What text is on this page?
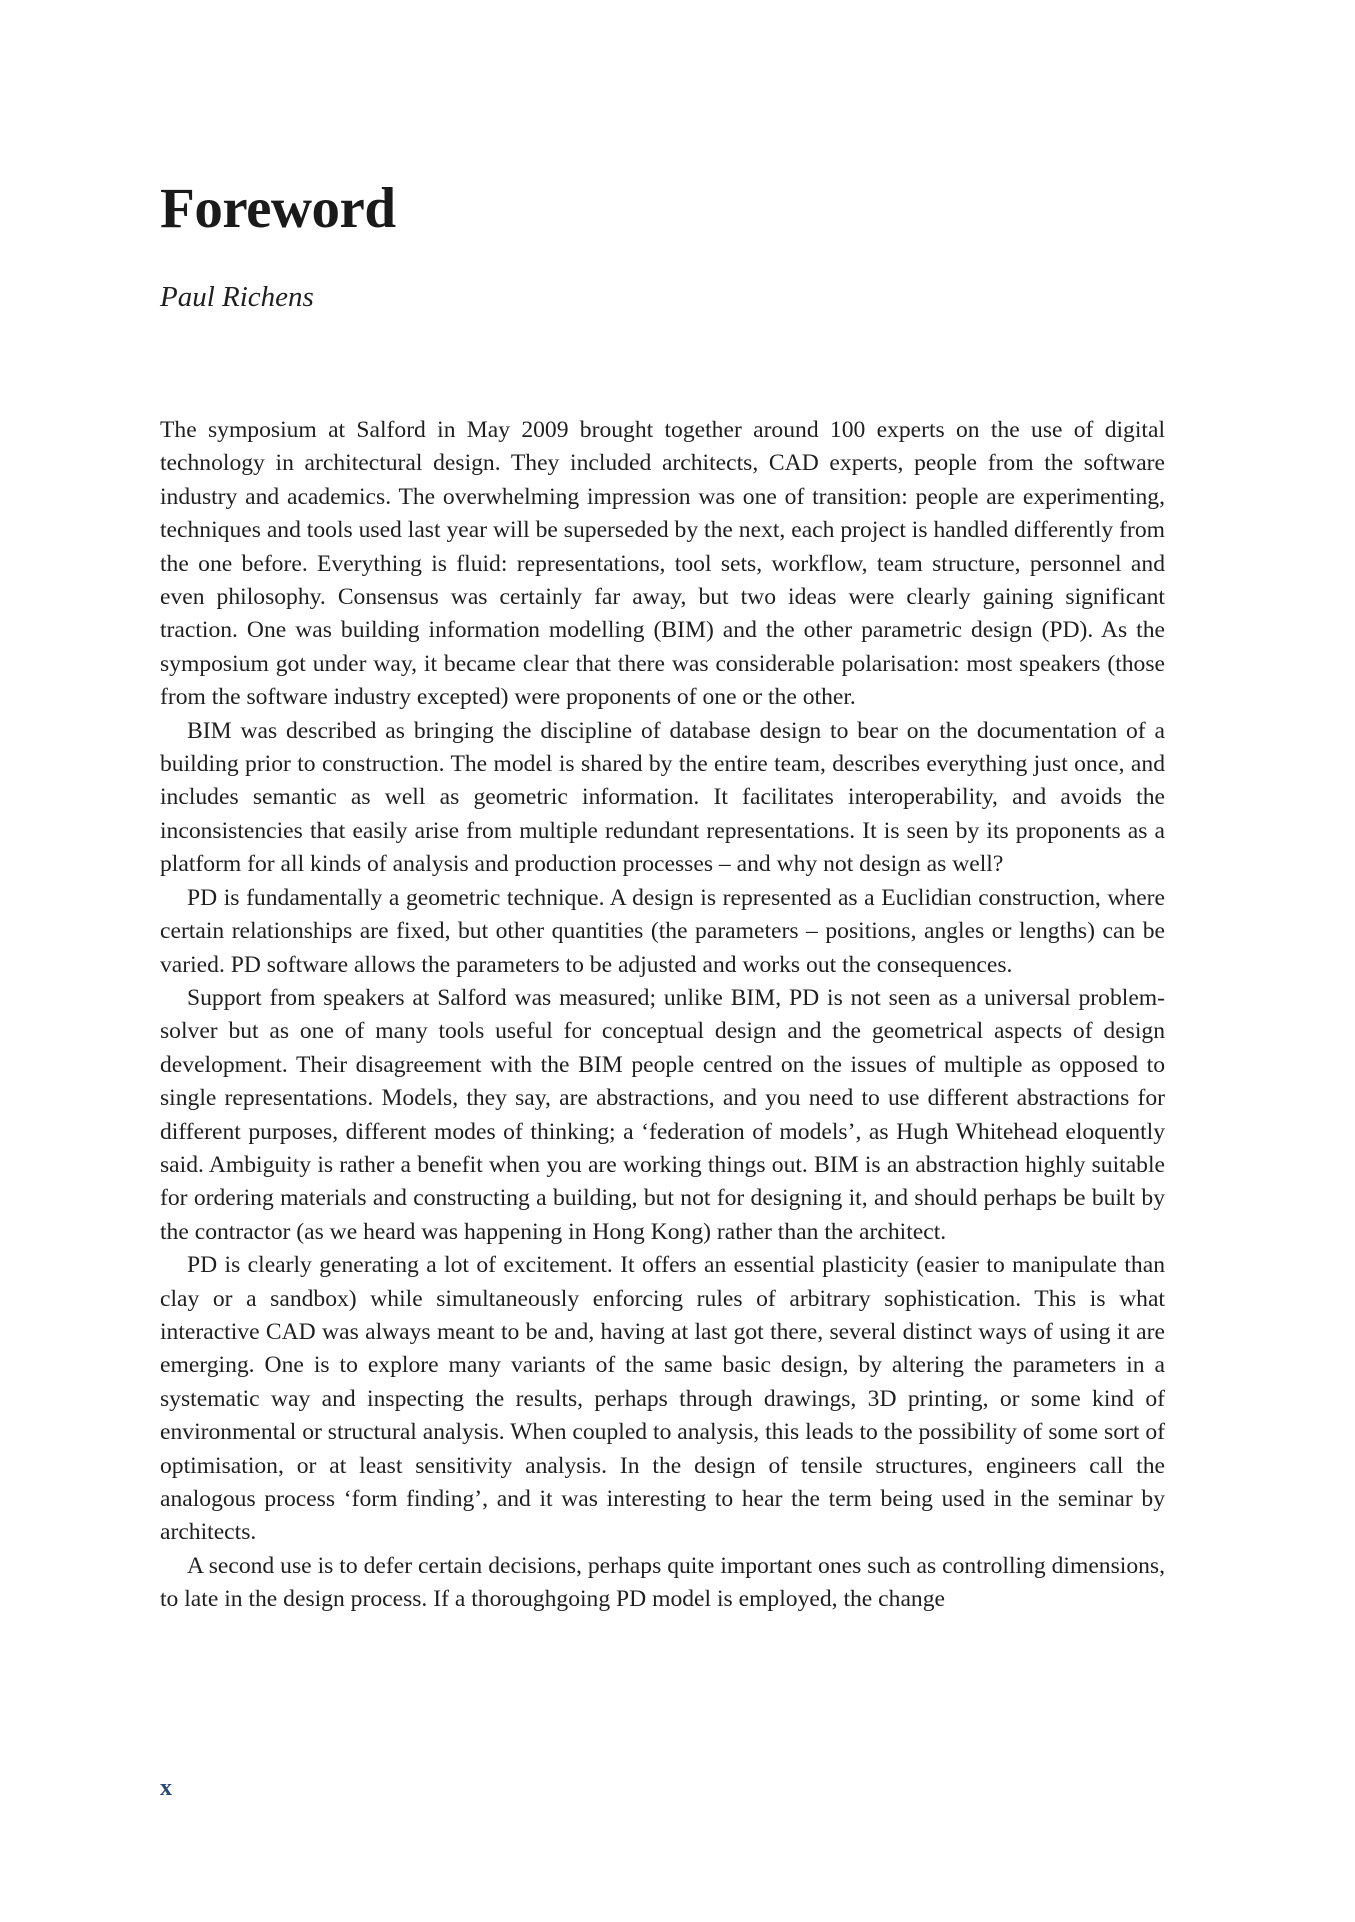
Foreword
Paul Richens

The symposium at Salford in May 2009 brought together around 100 experts on the use of digital technology in architectural design. They included architects, CAD experts, people from the software industry and academics. The overwhelming impression was one of transition: people are experimenting, techniques and tools used last year will be superseded by the next, each project is handled differently from the one before. Everything is fluid: representations, tool sets, workflow, team structure, personnel and even philosophy. Consensus was certainly far away, but two ideas were clearly gaining significant traction. One was building information modelling (BIM) and the other parametric design (PD). As the symposium got under way, it became clear that there was considerable polarisation: most speakers (those from the software industry excepted) were proponents of one or the other.

BIM was described as bringing the discipline of database design to bear on the documentation of a building prior to construction. The model is shared by the entire team, describes everything just once, and includes semantic as well as geometric information. It facilitates interoperability, and avoids the inconsistencies that easily arise from multiple redundant representations. It is seen by its proponents as a platform for all kinds of analysis and production processes – and why not design as well?

PD is fundamentally a geometric technique. A design is represented as a Euclidian construction, where certain relationships are fixed, but other quantities (the parameters – positions, angles or lengths) can be varied. PD software allows the parameters to be adjusted and works out the consequences.

Support from speakers at Salford was measured; unlike BIM, PD is not seen as a universal problem-solver but as one of many tools useful for conceptual design and the geometrical aspects of design development. Their disagreement with the BIM people centred on the issues of multiple as opposed to single representations. Models, they say, are abstractions, and you need to use different abstractions for different purposes, different modes of thinking; a ‘federation of models’, as Hugh Whitehead eloquently said. Ambiguity is rather a benefit when you are working things out. BIM is an abstraction highly suitable for ordering materials and constructing a building, but not for designing it, and should perhaps be built by the contractor (as we heard was happening in Hong Kong) rather than the architect.

PD is clearly generating a lot of excitement. It offers an essential plasticity (easier to manipulate than clay or a sandbox) while simultaneously enforcing rules of arbitrary sophistication. This is what interactive CAD was always meant to be and, having at last got there, several distinct ways of using it are emerging. One is to explore many variants of the same basic design, by altering the parameters in a systematic way and inspecting the results, perhaps through drawings, 3D printing, or some kind of environmental or structural analysis. When coupled to analysis, this leads to the possibility of some sort of optimisation, or at least sensitivity analysis. In the design of tensile structures, engineers call the analogous process ‘form finding’, and it was interesting to hear the term being used in the seminar by architects.

A second use is to defer certain decisions, perhaps quite important ones such as controlling dimensions, to late in the design process. If a thoroughgoing PD model is employed, the change

x
